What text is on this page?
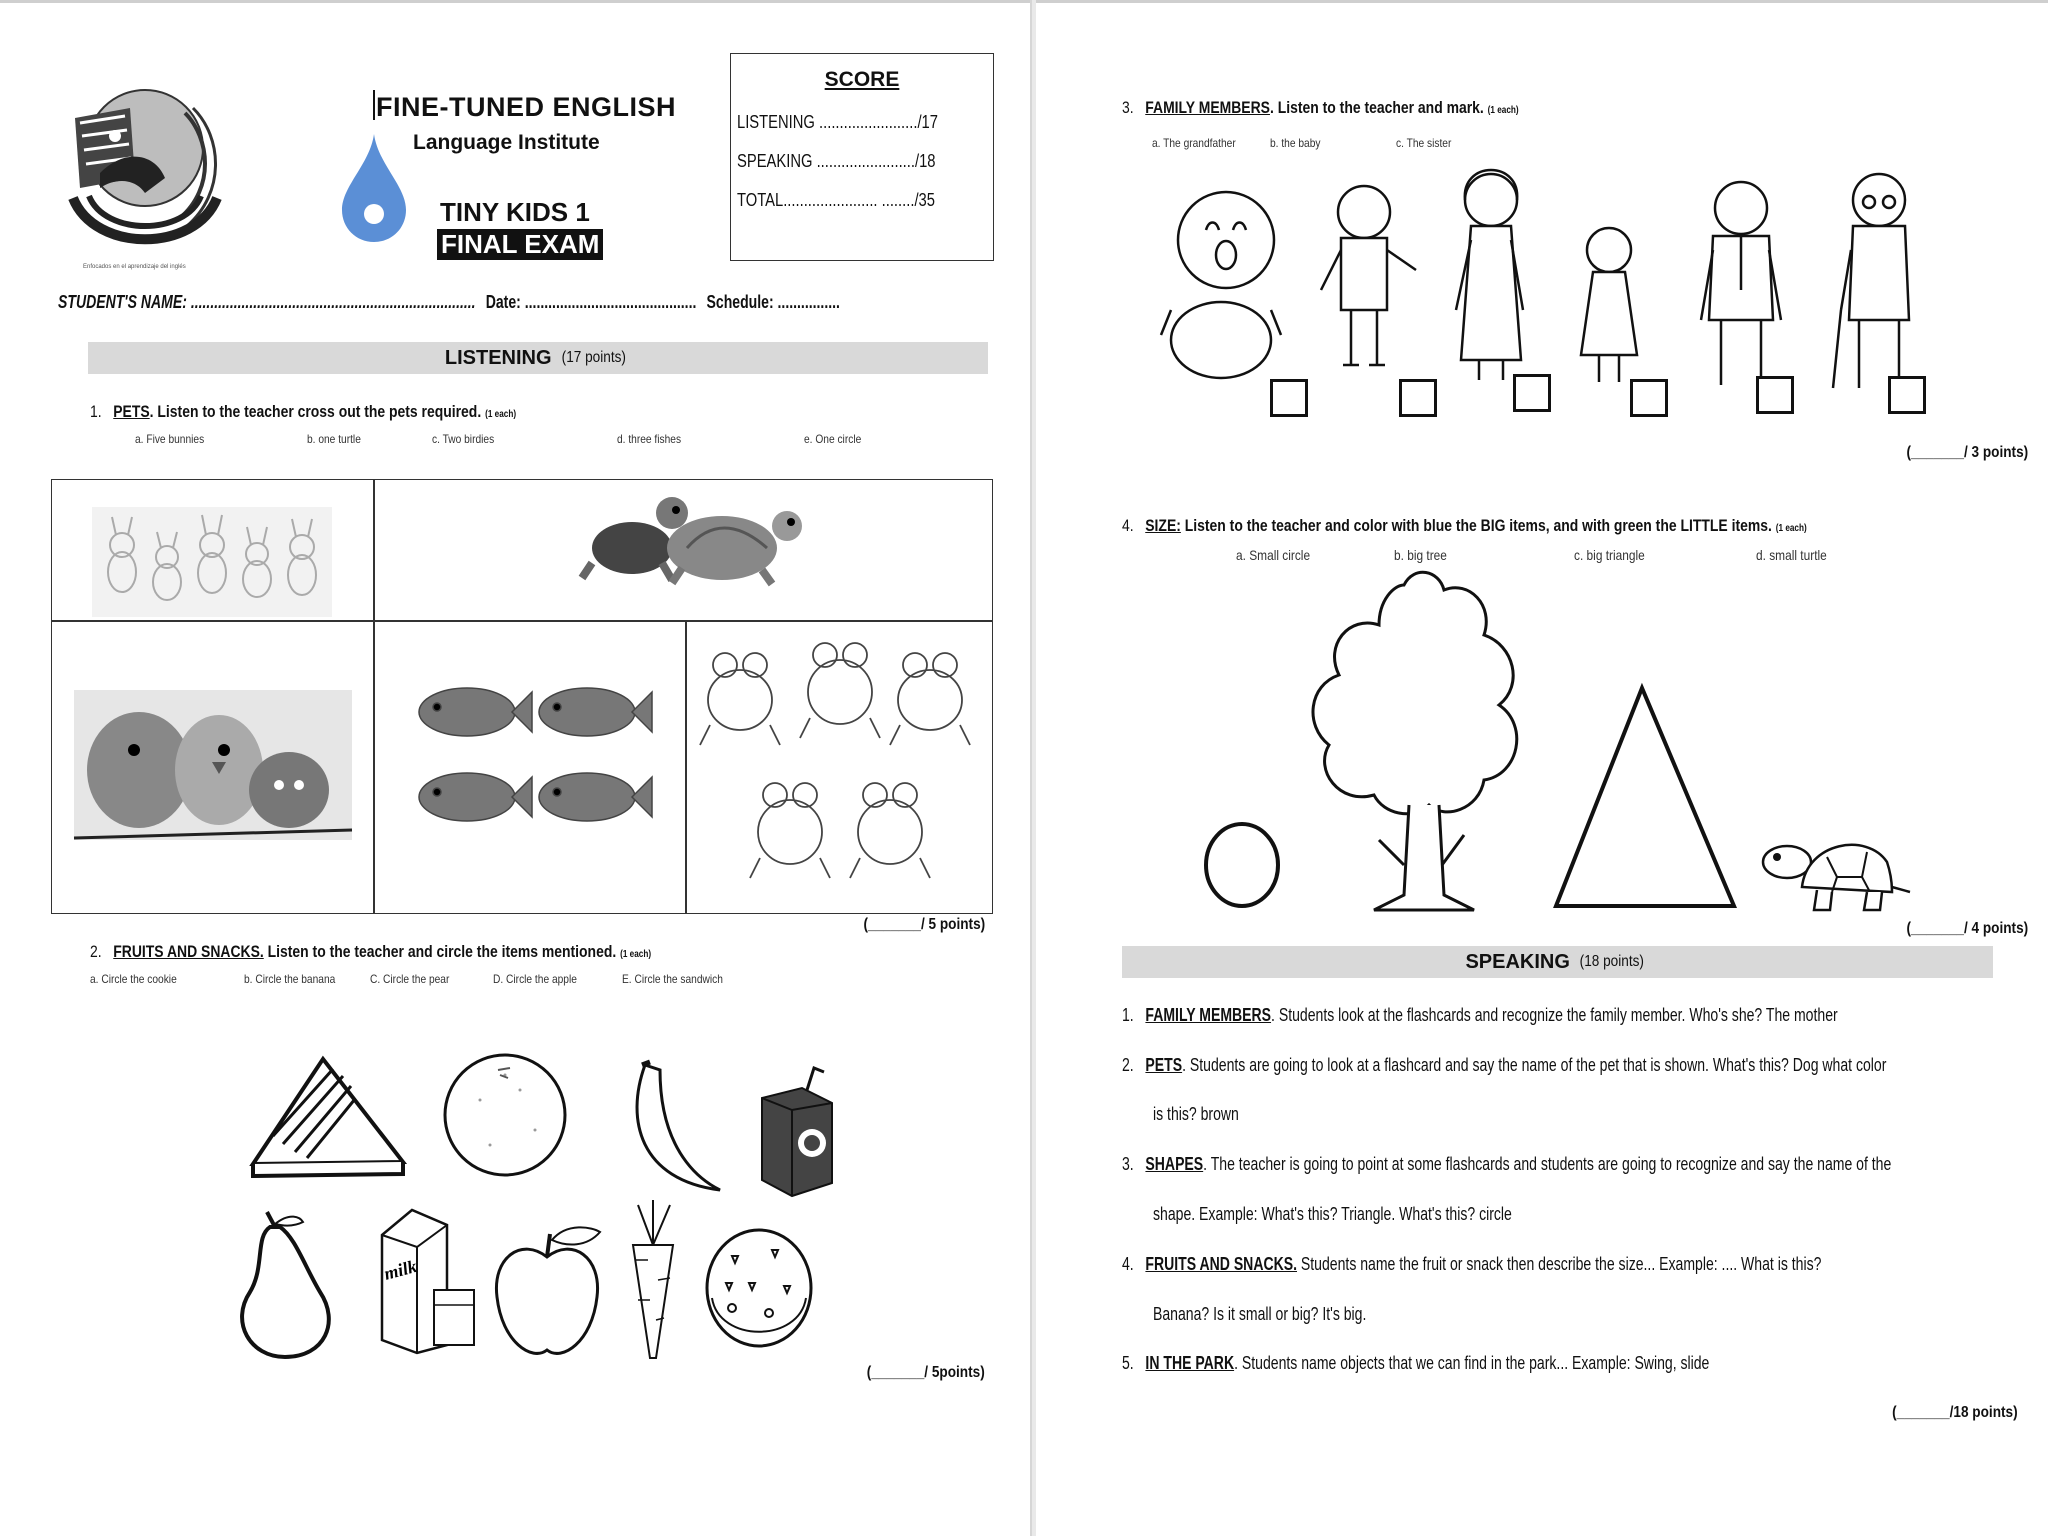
Enfocados en el aprendizaje del inglés
FINE-TUNED ENGLISH
Language Institute
TINY KIDS 1
FINAL EXAM
SCORE
LISTENING ......................../17
SPEAKING ......................../18
TOTAL....................... ......../35
STUDENT'S NAME: ......................................................................... Date: ............................................ Schedule: ................
LISTENING (17 points)
1. PETS. Listen to the teacher cross out the pets required. (1 each)
a. Five bunnies	b. one turtle	c. Two birdies	d. three fishes	e. One circle
(_______/ 5 points)
2. FRUITS AND SNACKS. Listen to the teacher and circle the items mentioned. (1 each)
a. Circle the cookie	b. Circle the banana	C. Circle the pear	D. Circle the apple	E. Circle the sandwich
milk
(_______/ 5points)
3. FAMILY MEMBERS. Listen to the teacher and mark. (1 each)
a. The grandfather	b. the baby	c. The sister
(_______/ 3 points)
4. SIZE: Listen to the teacher and color with blue the BIG items, and with green the LITTLE items. (1 each)
a. Small circle	b. big tree	c. big triangle	d. small turtle
(_______/ 4 points)
SPEAKING (18 points)
1. FAMILY MEMBERS. Students look at the flashcards and recognize the family member. Who's she? The mother
2. PETS. Students are going to look at a flashcard and say the name of the pet that is shown. What's this? Dog what color
is this? brown
3. SHAPES. The teacher is going to point at some flashcards and students are going to recognize and say the name of the
shape. Example: What's this? Triangle. What's this? circle
4. FRUITS AND SNACKS. Students name the fruit or snack then describe the size... Example: .... What is this?
Banana? Is it small or big? It's big.
5. IN THE PARK. Students name objects that we can find in the park... Example: Swing, slide
(_______/18 points)
